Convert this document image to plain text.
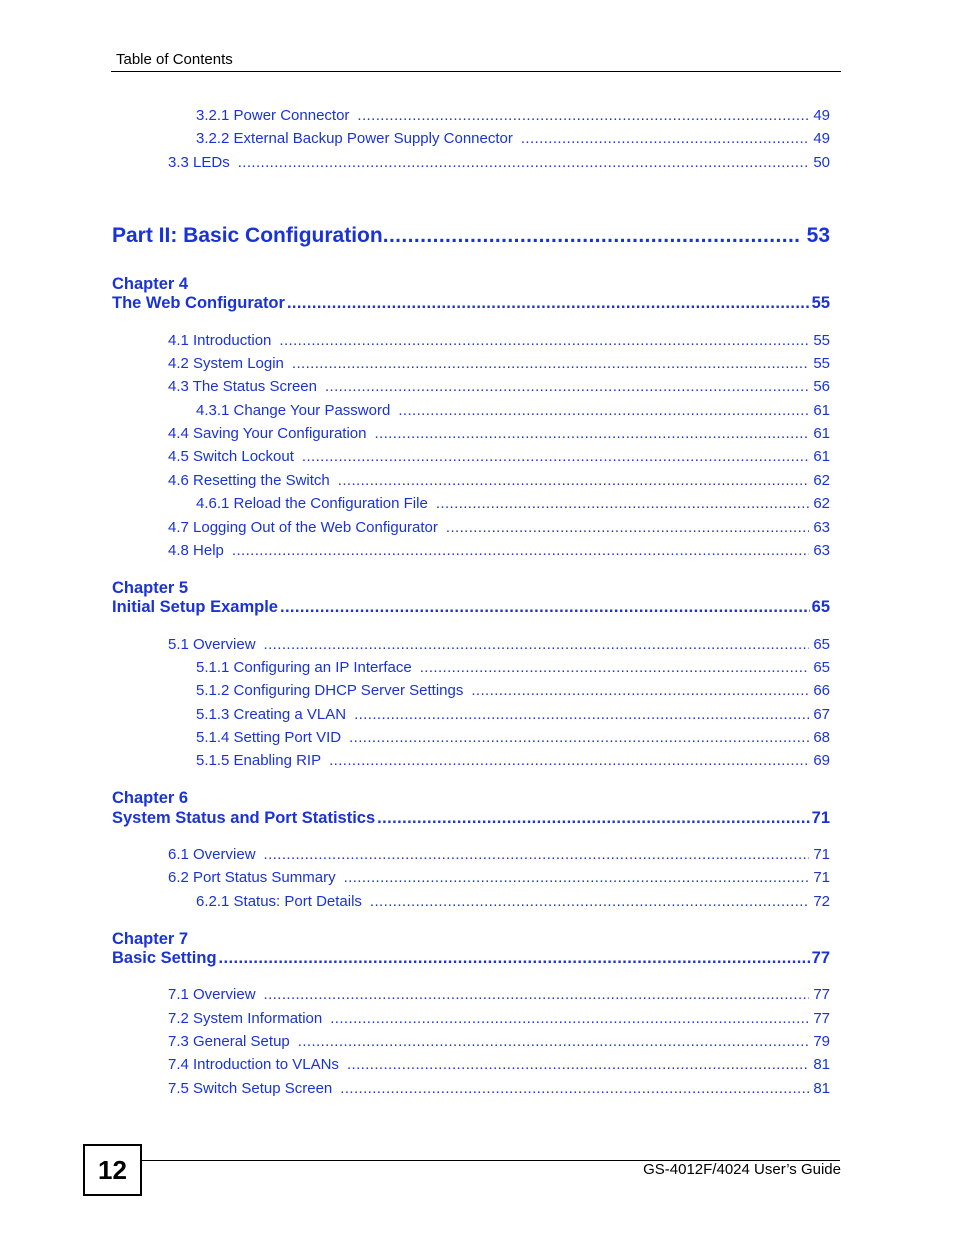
Table of Contents
3.2.1 Power Connector .....	49
3.2.2 External Backup Power Supply Connector .....	49
3.3 LEDs .....	50
Part II: Basic Configuration .....	53
Chapter 4
The Web Configurator .....	55
4.1 Introduction .....	55
4.2 System Login .....	55
4.3 The Status Screen .....	56
4.3.1 Change Your Password .....	61
4.4 Saving Your Configuration .....	61
4.5 Switch Lockout .....	61
4.6 Resetting the Switch .....	62
4.6.1 Reload the Configuration File .....	62
4.7 Logging Out of the Web Configurator .....	63
4.8 Help .....	63
Chapter 5
Initial Setup Example .....	65
5.1 Overview .....	65
5.1.1 Configuring an IP Interface .....	65
5.1.2 Configuring DHCP Server Settings .....	66
5.1.3 Creating a VLAN .....	67
5.1.4 Setting Port VID .....	68
5.1.5 Enabling RIP .....	69
Chapter 6
System Status and Port Statistics .....	71
6.1 Overview .....	71
6.2 Port Status Summary .....	71
6.2.1 Status: Port Details .....	72
Chapter 7
Basic Setting .....	77
7.1 Overview .....	77
7.2 System Information .....	77
7.3 General Setup .....	79
7.4 Introduction to VLANs .....	81
7.5 Switch Setup Screen .....	81
12	GS-4012F/4024 User’s Guide
